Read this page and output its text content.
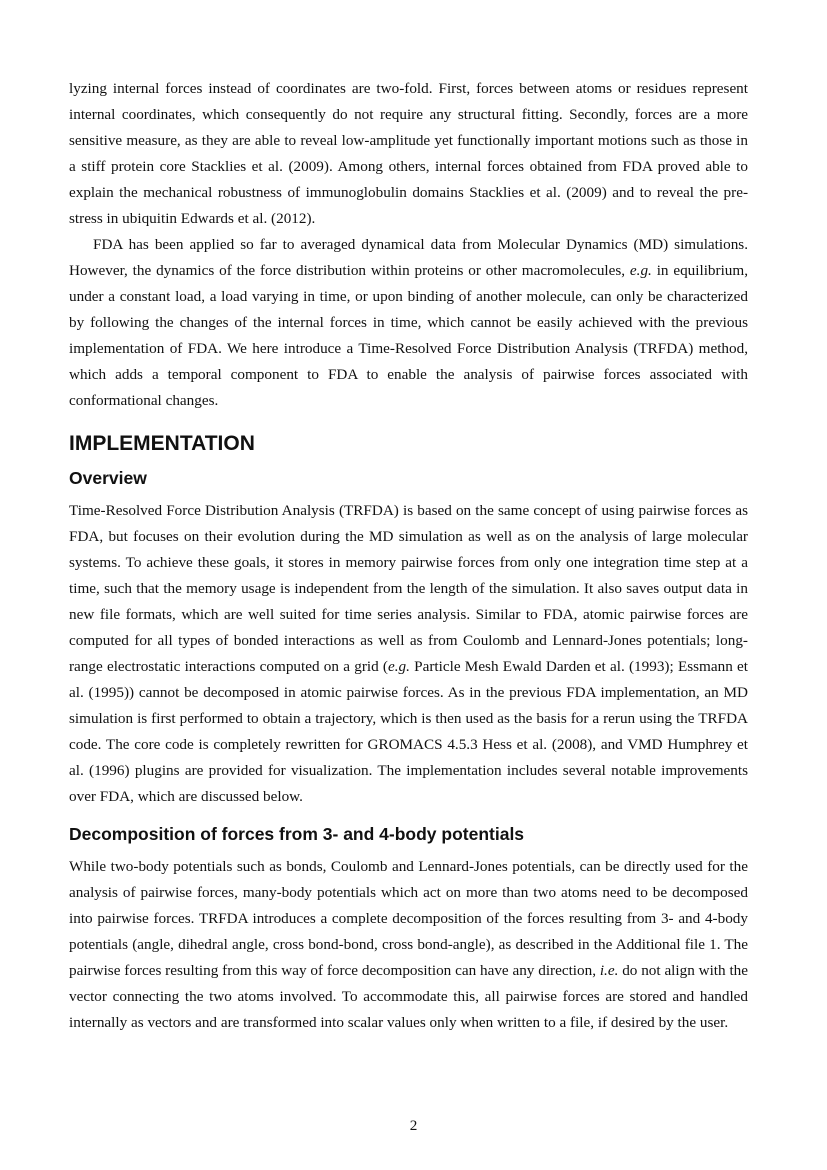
lyzing internal forces instead of coordinates are two-fold. First, forces between atoms or residues represent internal coordinates, which consequently do not require any structural fitting. Secondly, forces are a more sensitive measure, as they are able to reveal low-amplitude yet functionally important motions such as those in a stiff protein core Stacklies et al. (2009). Among others, internal forces obtained from FDA proved able to explain the mechanical robustness of immunoglobulin domains Stacklies et al. (2009) and to reveal the pre-stress in ubiquitin Edwards et al. (2012).

FDA has been applied so far to averaged dynamical data from Molecular Dynamics (MD) simulations. However, the dynamics of the force distribution within proteins or other macromolecules, e.g. in equilibrium, under a constant load, a load varying in time, or upon binding of another molecule, can only be characterized by following the changes of the internal forces in time, which cannot be easily achieved with the previous implementation of FDA. We here introduce a Time-Resolved Force Distribution Analysis (TRFDA) method, which adds a temporal component to FDA to enable the analysis of pairwise forces associated with conformational changes.

IMPLEMENTATION
Overview

Time-Resolved Force Distribution Analysis (TRFDA) is based on the same concept of using pairwise forces as FDA, but focuses on their evolution during the MD simulation as well as on the analysis of large molecular systems. To achieve these goals, it stores in memory pairwise forces from only one integration time step at a time, such that the memory usage is independent from the length of the simulation. It also saves output data in new file formats, which are well suited for time series analysis. Similar to FDA, atomic pairwise forces are computed for all types of bonded interactions as well as from Coulomb and Lennard-Jones potentials; long-range electrostatic interactions computed on a grid (e.g. Particle Mesh Ewald Darden et al. (1993); Essmann et al. (1995)) cannot be decomposed in atomic pairwise forces. As in the previous FDA implementation, an MD simulation is first performed to obtain a trajectory, which is then used as the basis for a rerun using the TRFDA code. The core code is completely rewritten for GROMACS 4.5.3 Hess et al. (2008), and VMD Humphrey et al. (1996) plugins are provided for visualization. The implementation includes several notable improvements over FDA, which are discussed below.

Decomposition of forces from 3- and 4-body potentials

While two-body potentials such as bonds, Coulomb and Lennard-Jones potentials, can be directly used for the analysis of pairwise forces, many-body potentials which act on more than two atoms need to be decomposed into pairwise forces. TRFDA introduces a complete decomposition of the forces resulting from 3- and 4-body potentials (angle, dihedral angle, cross bond-bond, cross bond-angle), as described in the Additional file 1. The pairwise forces resulting from this way of force decomposition can have any direction, i.e. do not align with the vector connecting the two atoms involved. To accommodate this, all pairwise forces are stored and handled internally as vectors and are transformed into scalar values only when written to a file, if desired by the user.

2
